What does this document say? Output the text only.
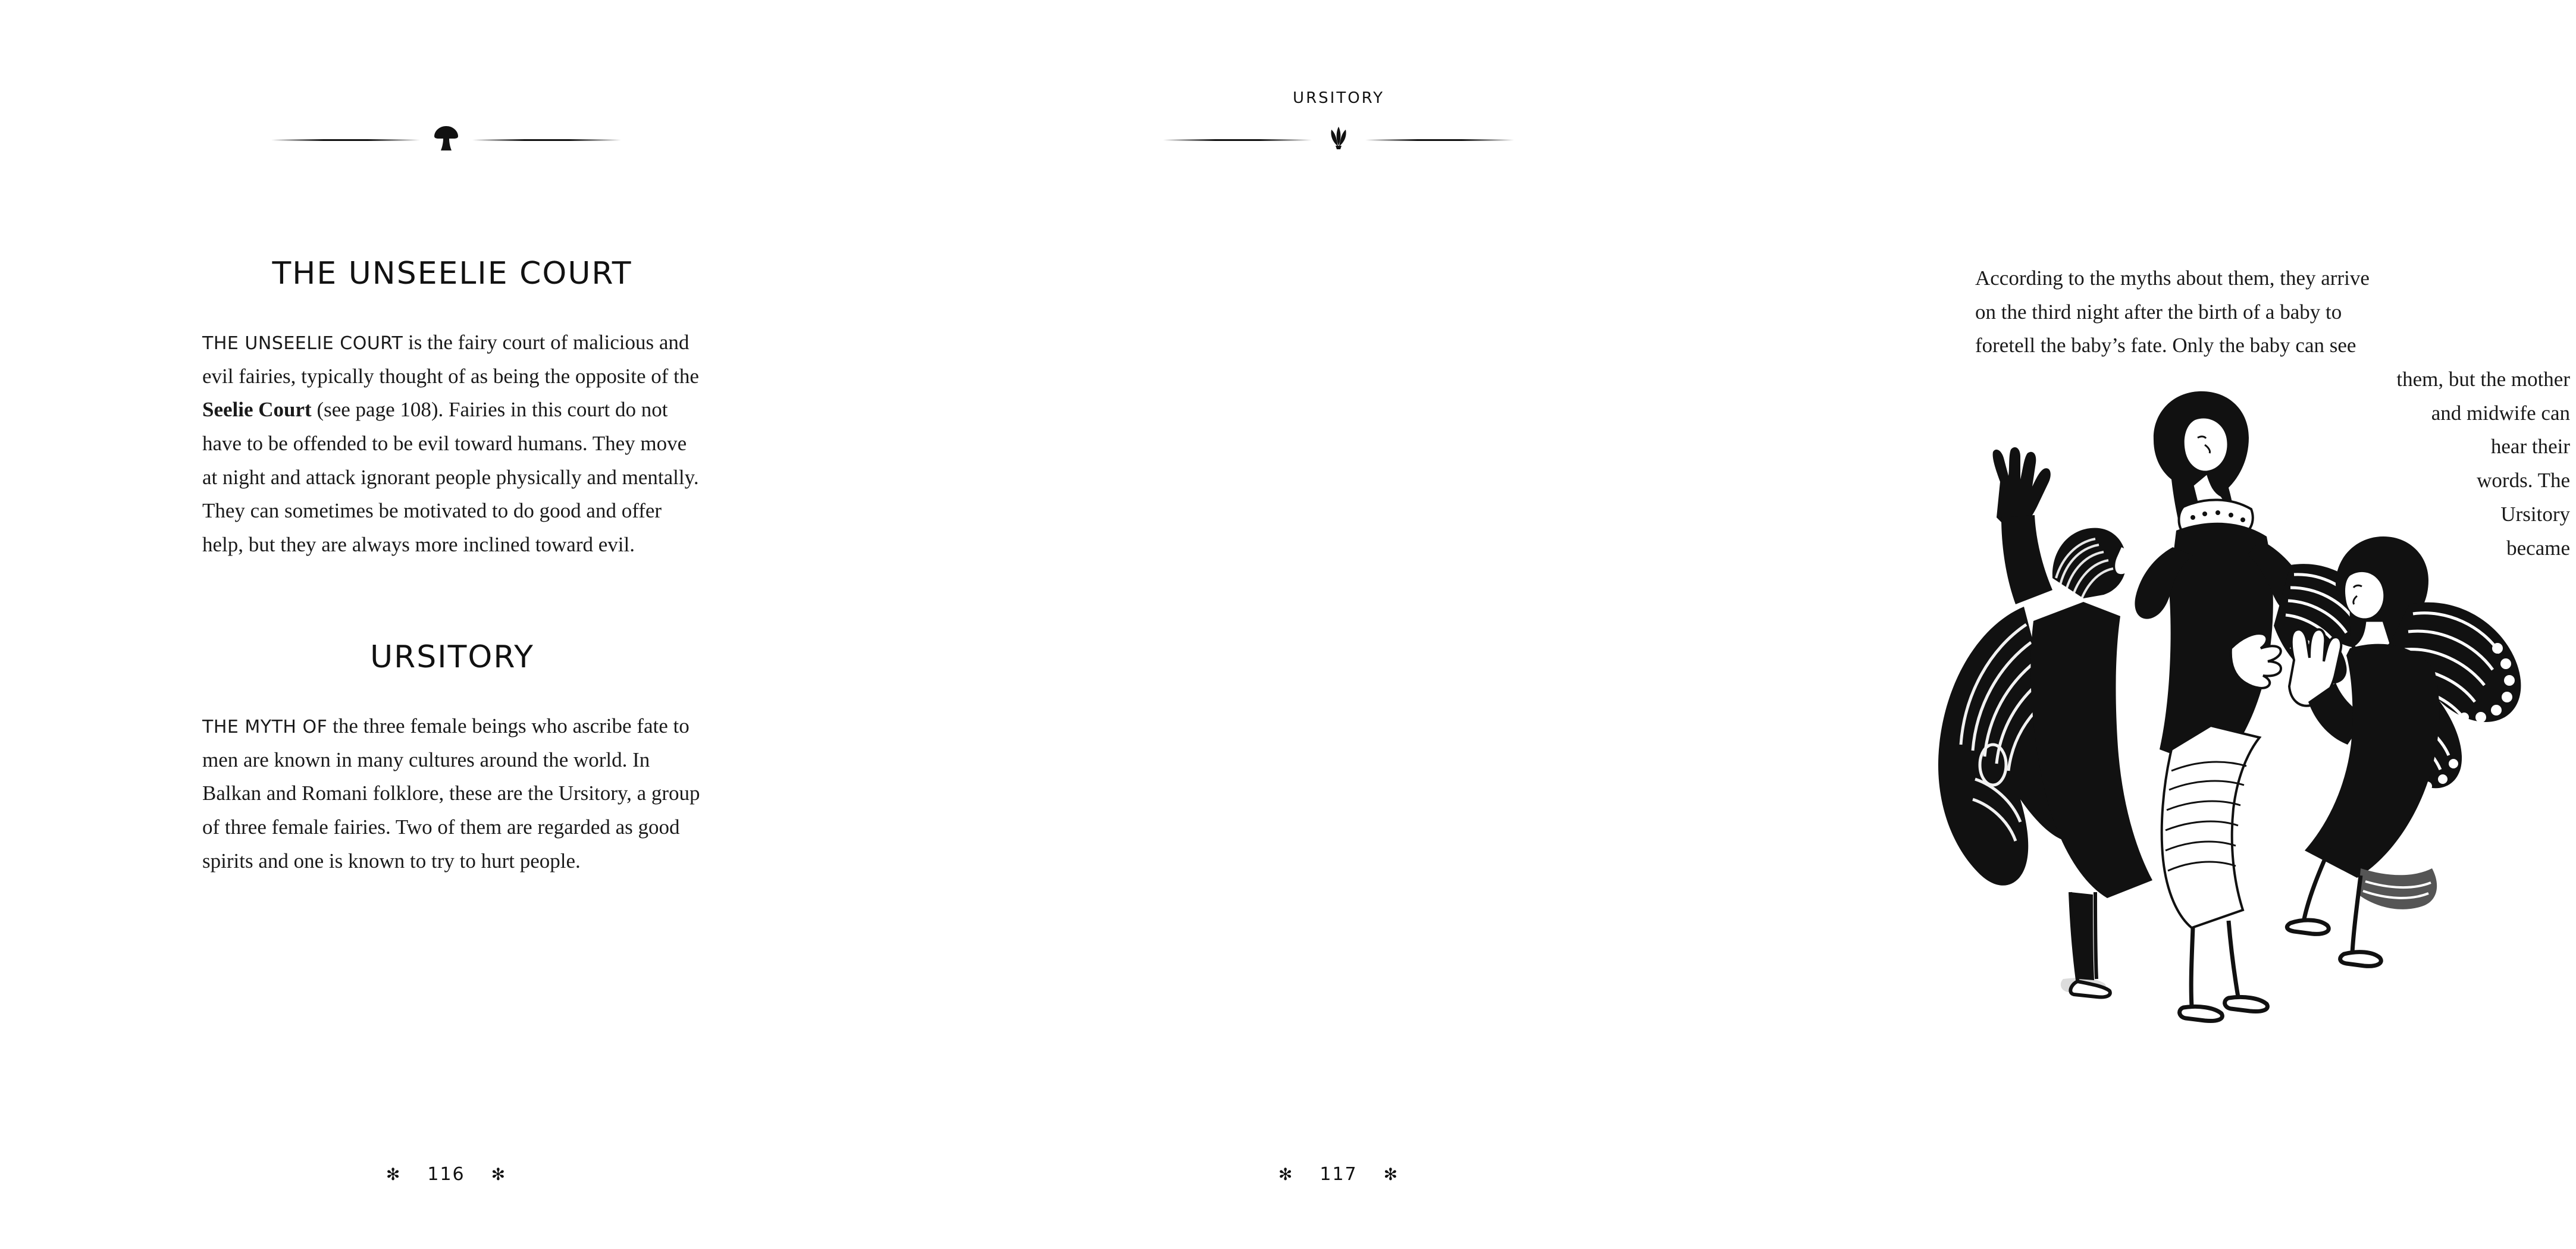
THE UNSEELIE COURT

THE UNSEELIE COURT is the fairy court of malicious and evil fairies, typically thought of as being the opposite of the Seelie Court (see page 108). Fairies in this court do not have to be offended to be evil toward humans. They move at night and attack ignorant people physically and mentally. They can sometimes be motivated to do good and offer help, but they are always more inclined toward evil.

URSITORY

THE MYTH OF the three female beings who ascribe fate to men are known in many cultures around the world. In Balkan and Romani folklore, these are the Ursitory, a group of three female fairies. Two of them are regarded as good spirits and one is known to try to hurt people.

✻ 116 ✻
URSITORY
According to the myths about them, they arrive
on the third night after the birth of a baby to
foretell the baby’s fate. Only the baby can see
them, but the mother
and midwife can
hear their
words. The
Ursitory
became
✻ 117 ✻
